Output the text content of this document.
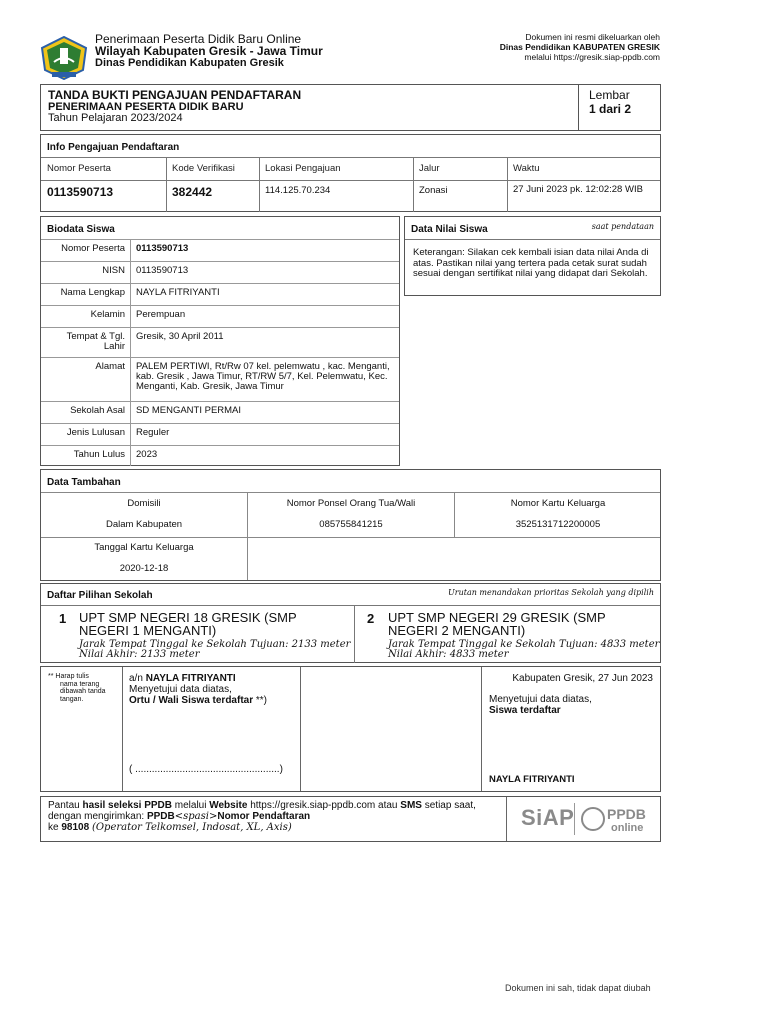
Penerimaan Peserta Didik Baru Online
Wilayah Kabupaten Gresik - Jawa Timur
Dinas Pendidikan Kabupaten Gresik
Dokumen ini resmi dikeluarkan oleh
Dinas Pendidikan KABUPATEN GRESIK
melalui https://gresik.siap-ppdb.com
TANDA BUKTI PENGAJUAN PENDAFTARAN
PENERIMAAN PESERTA DIDIK BARU
Tahun Pelajaran 2023/2024
Lembar
1 dari 2
Info Pengajuan Pendaftaran
Nomor Peserta	Kode Verifikasi	Lokasi Pengajuan	Jalur	Waktu
0113590713	382442	114.125.70.234	Zonasi	27 Juni 2023 pk. 12:02:28 WIB
Biodata Siswa
Nomor Peserta 0113590713
NISN 0113590713
Nama Lengkap NAYLA FITRIYANTI
Kelamin Perempuan
Tempat & Tgl. Lahir
Gresik, 30 April 2011
Alamat PALEM PERTIWI, Rt/Rw 07 kel. pelemwatu , kac. Menganti, kab. Gresik , Jawa Timur, RT/RW 5/7, Kel. Pelemwatu, Kec. Menganti, Kab. Gresik, Jawa Timur
Sekolah Asal SD MENGANTI PERMAI
Jenis Lulusan Reguler
Tahun Lulus 2023
Data Nilai Siswa	saat pendataan
Keterangan: Silakan cek kembali isian data nilai Anda di atas. Pastikan nilai yang tertera pada cetak surat sudah sesuai dengan sertifikat nilai yang didapat dari Sekolah.
Data Tambahan
Domisili	Nomor Ponsel Orang Tua/Wali	Nomor Kartu Keluarga
Dalam Kabupaten	085755841215	3525131712200005
Tanggal Kartu Keluarga
2020-12-18
Daftar Pilihan Sekolah	Urutan menandakan prioritas Sekolah yang dipilih
1 UPT SMP NEGERI 18 GRESIK (SMP NEGERI 1 MENGANTI)
Jarak Tempat Tinggal ke Sekolah Tujuan: 2133 meter
Nilai Akhir: 2133 meter
2 UPT SMP NEGERI 29 GRESIK (SMP NEGERI 2 MENGANTI)
Jarak Tempat Tinggal ke Sekolah Tujuan: 4833 meter
Nilai Akhir: 4833 meter
** Harap tulis
nama terang
dibawah tanda
tangan.
a/n NAYLA FITRIYANTI
Menyetujui data diatas,
Ortu / Wali Siswa terdaftar **)
( ....................................................)
Kabupaten Gresik, 27 Jun 2023
Menyetujui data diatas,
Siswa terdaftar
NAYLA FITRIYANTI
Pantau hasil seleksi PPDB melalui Website https://gresik.siap-ppdb.com atau SMS setiap saat,
dengan mengirimkan: PPDB<spasi>Nomor Pendaftaran
ke 98108 (Operator Telkomsel, Indosat, XL, Axis)	SiAP PPDB
online
Dokumen ini sah, tidak dapat diubah
